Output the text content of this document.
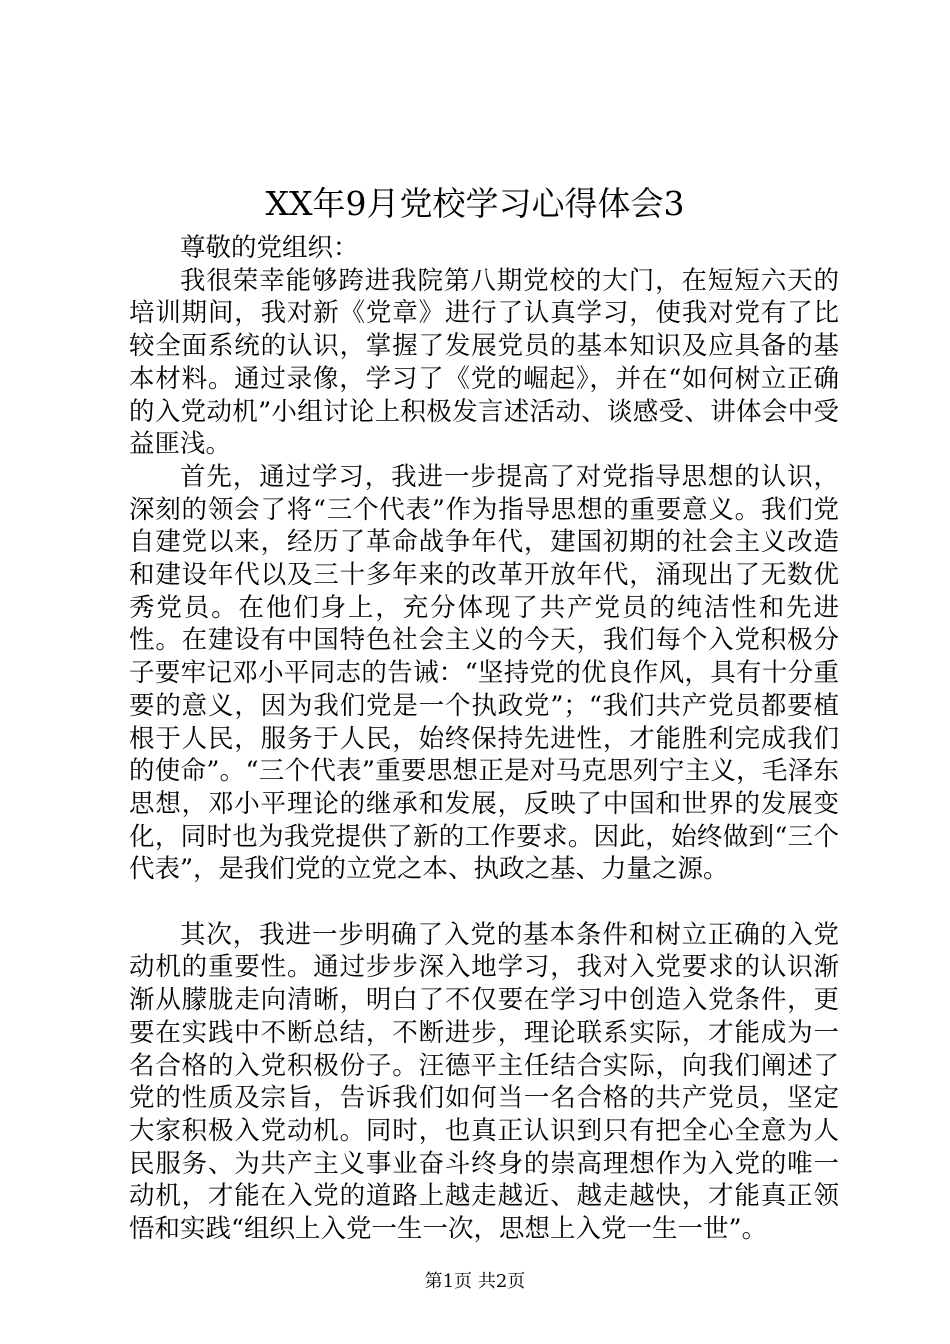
XX年9月党校学习心得体会3

尊敬的党组织：

我很荣幸能够跨进我院第八期党校的大门，在短短六天的培训期间，我对新《党章》进行了认真学习，使我对党有了比较全面系统的认识，掌握了发展党员的基本知识及应具备的基本材料。通过录像，学习了《党的崛起》，并在“如何树立正确的入党动机”小组讨论上积极发言述活动、谈感受、讲体会中受益匪浅。

首先，通过学习，我进一步提高了对党指导思想的认识，深刻的领会了将“三个代表”作为指导思想的重要意义。我们党自建党以来，经历了革命战争年代，建国初期的社会主义改造和建设年代以及三十多年来的改革开放年代，涌现出了无数优秀党员。在他们身上，充分体现了共产党员的纯洁性和先进性。在建设有中国特色社会主义的今天，我们每个入党积极分子要牢记邓小平同志的告诫：“坚持党的优良作风，具有十分重要的意义，因为我们党是一个执政党”；“我们共产党员都要植根于人民，服务于人民，始终保持先进性，才能胜利完成我们的使命”。“三个代表”重要思想正是对马克思列宁主义，毛泽东思想，邓小平理论的继承和发展，反映了中国和世界的发展变化，同时也为我党提供了新的工作要求。因此，始终做到“三个代表”，是我们党的立党之本、执政之基、力量之源。

其次，我进一步明确了入党的基本条件和树立正确的入党动机的重要性。通过步步深入地学习，我对入党要求的认识渐渐从朦胧走向清晰，明白了不仅要在学习中创造入党条件，更要在实践中不断总结，不断进步，理论联系实际，才能成为一名合格的入党积极份子。汪德平主任结合实际，向我们阐述了党的性质及宗旨，告诉我们如何当一名合格的共产党员，坚定大家积极入党动机。同时，也真正认识到只有把全心全意为人民服务、为共产主义事业奋斗终身的崇高理想作为入党的唯一动机，才能在入党的道路上越走越近、越走越快，才能真正领悟和实践“组织上入党一生一次，思想上入党一生一世”。

第1页 共2页
